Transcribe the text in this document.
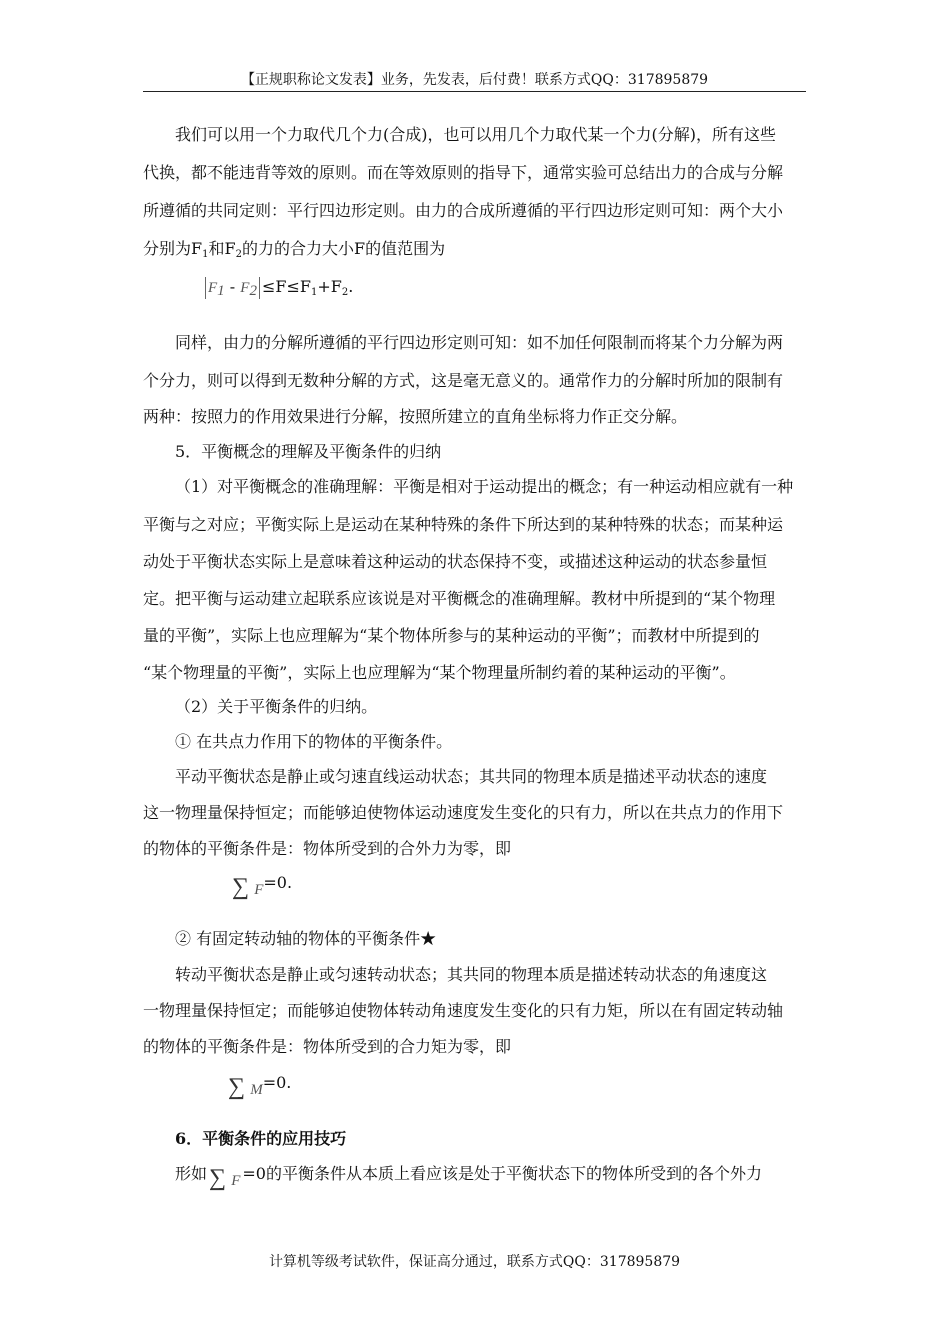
【正规职称论文发表】业务，先发表，后付费！联系方式QQ：317895879
我们可以用一个力取代几个力(合成)，也可以用几个力取代某一个力(分解)，所有这些
代换，都不能违背等效的原则。而在等效原则的指导下，通常实验可总结出力的合成与分解
所遵循的共同定则：平行四边形定则。由力的合成所遵循的平行四边形定则可知：两个大小
分别为$F_1$和$F_2$的力的合力大小F的值范围为
$F_1 - F_2 \le F\le F_1+F_2$.
同样，由力的分解所遵循的平行四边形定则可知：如不加任何限制而将某个力分解为两
个分力，则可以得到无数种分解的方式，这是毫无意义的。通常作力的分解时所加的限制有
两种：按照力的作用效果进行分解，按照所建立的直角坐标将力作正交分解。
5．平衡概念的理解及平衡条件的归纳
（1）对平衡概念的准确理解：平衡是相对于运动提出的概念；有一种运动相应就有一种
平衡与之对应；平衡实际上是运动在某种特殊的条件下所达到的某种特殊的状态；而某种运
动处于平衡状态实际上是意味着这种运动的状态保持不变，或描述这种运动的状态参量恒
定。把平衡与运动建立起联系应该说是对平衡概念的准确理解。教材中所提到的“某个物理
量的平衡”，实际上也应理解为“某个物体所参与的某种运动的平衡”；而教材中所提到的
“某个物理量的平衡”，实际上也应理解为“某个物理量所制约着的某种运动的平衡”。
（2）关于平衡条件的归纳。
① 在共点力作用下的物体的平衡条件。
平动平衡状态是静止或匀速直线运动状态；其共同的物理本质是描述平动状态的速度
这一物理量保持恒定；而能够迫使物体运动速度发生变化的只有力，所以在共点力的作用下
的物体的平衡条件是：物体所受到的合外力为零，即
∑ F=0.
② 有固定转动轴的物体的平衡条件★
转动平衡状态是静止或匀速转动状态；其共同的物理本质是描述转动状态的角速度这
一物理量保持恒定；而能够迫使物体转动角速度发生变化的只有力矩，所以在有固定转动轴
的物体的平衡条件是：物体所受到的合力矩为零，即
∑ M=0.
6．平衡条件的应用技巧
形如∑ F =0的平衡条件从本质上看应该是处于平衡状态下的物体所受到的各个外力
计算机等级考试软件，保证高分通过，联系方式QQ：317895879
